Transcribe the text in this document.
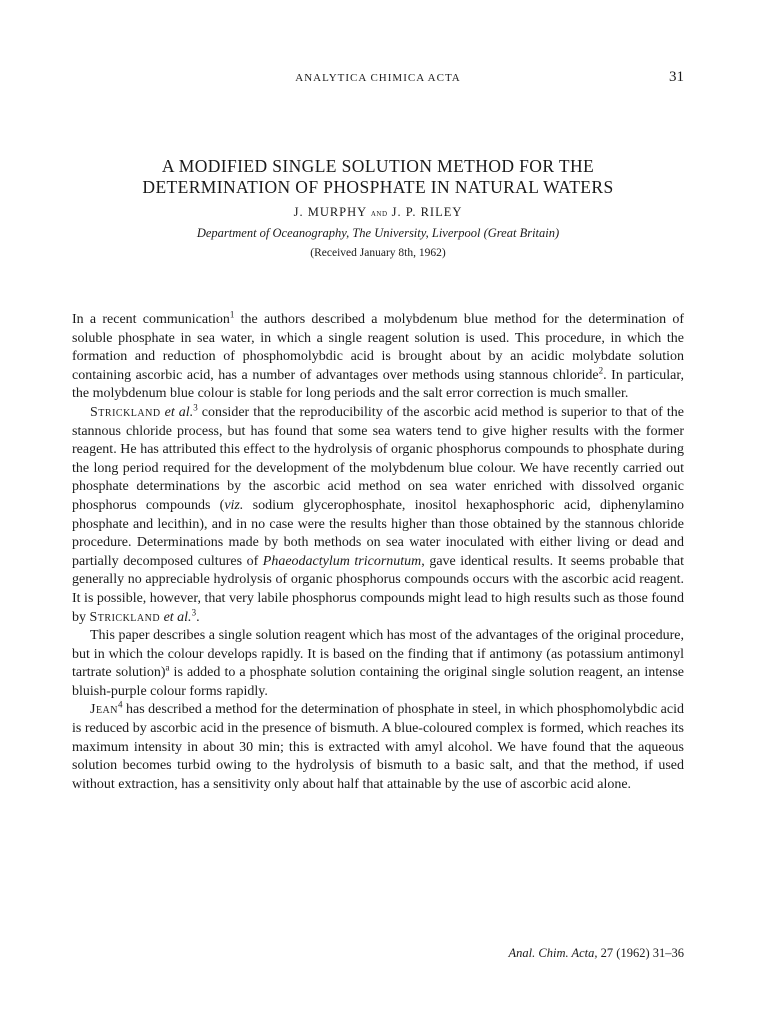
ANALYTICA CHIMICA ACTA	31
A MODIFIED SINGLE SOLUTION METHOD FOR THE
DETERMINATION OF PHOSPHATE IN NATURAL WATERS
J. MURPHY and J. P. RILEY
Department of Oceanography, The University, Liverpool (Great Britain)
(Received January 8th, 1962)

In a recent communication$^1$ the authors described a molybdenum blue method for the determination of soluble phosphate in sea water, in which a single reagent solution is used. This procedure, in which the formation and reduction of phosphomolybdic acid is brought about by an acidic molybdate solution containing ascorbic acid, has a number of advantages over methods using stannous chloride$^2$. In particular, the molybdenum blue colour is stable for long periods and the salt error correction is much smaller.

Strickland et al.$^3$ consider that the reproducibility of the ascorbic acid method is superior to that of the stannous chloride process, but has found that some sea waters tend to give higher results with the former reagent. He has attributed this effect to the hydrolysis of organic phosphorus compounds to phosphate during the long period required for the development of the molybdenum blue colour. We have recently carried out phosphate determinations by the ascorbic acid method on sea water enriched with dissolved organic phosphorus compounds (viz. sodium glycerophosphate, inositol hexaphosphoric acid, diphenylamino phosphate and lecithin), and in no case were the results higher than those obtained by the stannous chloride procedure. Determinations made by both methods on sea water inoculated with either living or dead and partially decomposed cultures of Phaeodactylum tricornutum, gave identical results. It seems probable that generally no appreciable hydrolysis of organic phosphorus compounds occurs with the ascorbic acid reagent. It is possible, however, that very labile phosphorus compounds might lead to high results such as those found by Strickland et al.$^3$.

This paper describes a single solution reagent which has most of the advantages of the original procedure, but in which the colour develops rapidly. It is based on the finding that if antimony (as potassium antimonyl tartrate solution)$^a$ is added to a phosphate solution containing the original single solution reagent, an intense bluish-purple colour forms rapidly.

Jean$^4$ has described a method for the determination of phosphate in steel, in which phosphomolybdic acid is reduced by ascorbic acid in the presence of bismuth. A blue-coloured complex is formed, which reaches its maximum intensity in about 30 min; this is extracted with amyl alcohol. We have found that the aqueous solution becomes turbid owing to the hydrolysis of bismuth to a basic salt, and that the method, if used without extraction, has a sensitivity only about half that attainable by the use of ascorbic acid alone.

Anal. Chim. Acta, 27 (1962) 31–36
